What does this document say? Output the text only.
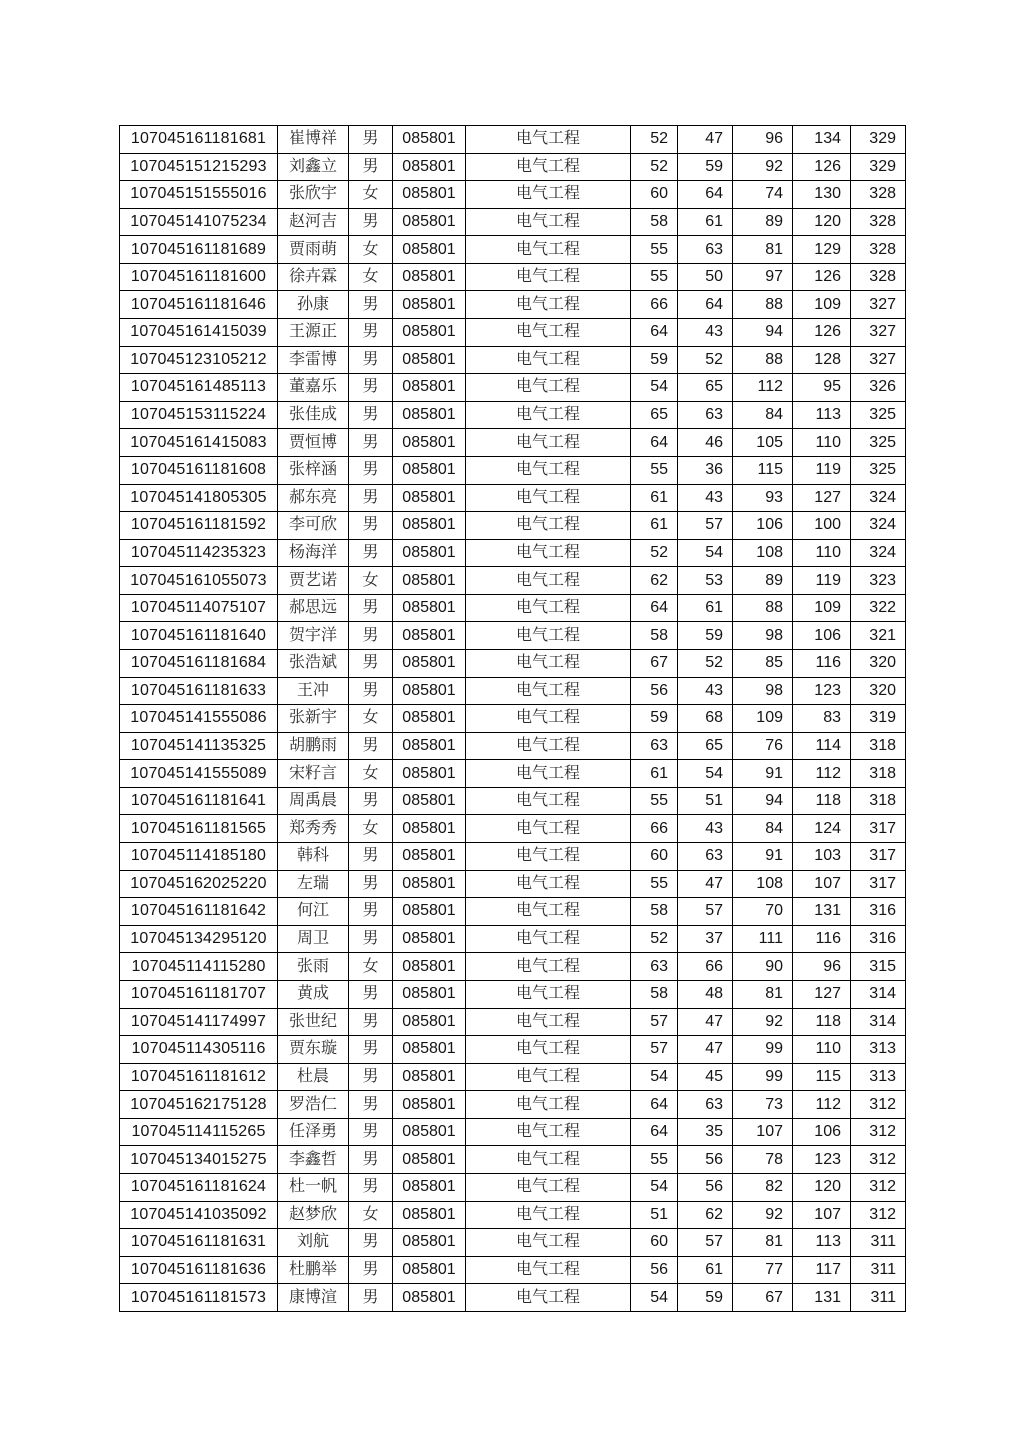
107045161181681	崔博祥	男	085801	电气工程	52	47	96	134	329
107045151215293	刘鑫立	男	085801	电气工程	52	59	92	126	329
107045151555016	张欣宇	女	085801	电气工程	60	64	74	130	328
107045141075234	赵河吉	男	085801	电气工程	58	61	89	120	328
107045161181689	贾雨萌	女	085801	电气工程	55	63	81	129	328
107045161181600	徐卉霖	女	085801	电气工程	55	50	97	126	328
107045161181646	孙康	男	085801	电气工程	66	64	88	109	327
107045161415039	王源正	男	085801	电气工程	64	43	94	126	327
107045123105212	李雷博	男	085801	电气工程	59	52	88	128	327
107045161485113	董嘉乐	男	085801	电气工程	54	65	112	95	326
107045153115224	张佳成	男	085801	电气工程	65	63	84	113	325
107045161415083	贾恒博	男	085801	电气工程	64	46	105	110	325
107045161181608	张梓涵	男	085801	电气工程	55	36	115	119	325
107045141805305	郝东亮	男	085801	电气工程	61	43	93	127	324
107045161181592	李可欣	男	085801	电气工程	61	57	106	100	324
107045114235323	杨海洋	男	085801	电气工程	52	54	108	110	324
107045161055073	贾艺诺	女	085801	电气工程	62	53	89	119	323
107045114075107	郝思远	男	085801	电气工程	64	61	88	109	322
107045161181640	贺宇洋	男	085801	电气工程	58	59	98	106	321
107045161181684	张浩斌	男	085801	电气工程	67	52	85	116	320
107045161181633	王冲	男	085801	电气工程	56	43	98	123	320
107045141555086	张新宇	女	085801	电气工程	59	68	109	83	319
107045141135325	胡鹏雨	男	085801	电气工程	63	65	76	114	318
107045141555089	宋籽言	女	085801	电气工程	61	54	91	112	318
107045161181641	周禹晨	男	085801	电气工程	55	51	94	118	318
107045161181565	郑秀秀	女	085801	电气工程	66	43	84	124	317
107045114185180	韩科	男	085801	电气工程	60	63	91	103	317
107045162025220	左瑞	男	085801	电气工程	55	47	108	107	317
107045161181642	何江	男	085801	电气工程	58	57	70	131	316
107045134295120	周卫	男	085801	电气工程	52	37	111	116	316
107045114115280	张雨	女	085801	电气工程	63	66	90	96	315
107045161181707	黄成	男	085801	电气工程	58	48	81	127	314
107045141174997	张世纪	男	085801	电气工程	57	47	92	118	314
107045114305116	贾东璇	男	085801	电气工程	57	47	99	110	313
107045161181612	杜晨	男	085801	电气工程	54	45	99	115	313
107045162175128	罗浩仁	男	085801	电气工程	64	63	73	112	312
107045114115265	任泽勇	男	085801	电气工程	64	35	107	106	312
107045134015275	李鑫哲	男	085801	电气工程	55	56	78	123	312
107045161181624	杜一帆	男	085801	电气工程	54	56	82	120	312
107045141035092	赵梦欣	女	085801	电气工程	51	62	92	107	312
107045161181631	刘航	男	085801	电气工程	60	57	81	113	311
107045161181636	杜鹏举	男	085801	电气工程	56	61	77	117	311
107045161181573	康博渲	男	085801	电气工程	54	59	67	131	311
